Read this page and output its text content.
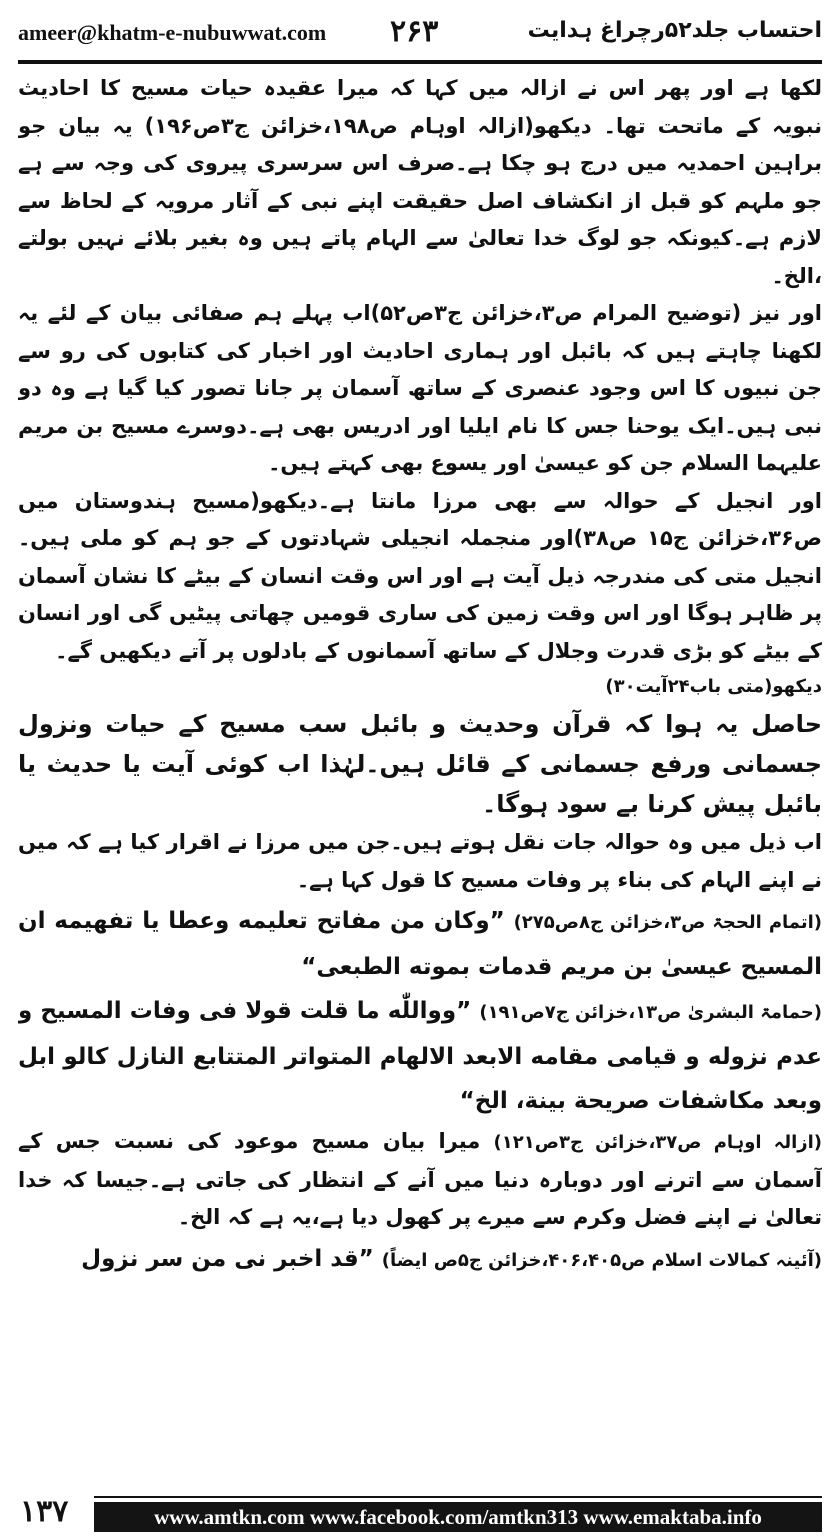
ameer@khatm-e-nubuwwat.com ۲۶۳	احتساب جلد۵۲رچراغ ہدایت

لکھا ہے اور پھر اس نے ازالہ میں کہا کہ میرا عقیدہ حیات مسیح کا احادیث نبویہ کے ماتحت تھا۔ دیکھو(ازالہ اوہام ص۱۹۸،خزائن ج۳ص۱۹۶) یہ بیان جو براہین احمدیہ میں درج ہو چکا ہے۔صرف اس سرسری پیروی کی وجہ سے ہے جو ملہم کو قبل از انکشاف اصل حقیقت اپنے نبی کے آثار مرویہ کے لحاظ سے لازم ہے۔کیونکہ جو لوگ خدا تعالیٰ سے الہام پاتے ہیں وہ بغیر بلائے نہیں بولتے ،الخ۔

اور نیز (توضیح المرام ص۳،خزائن ج۳ص۵۲)اب پہلے ہم صفائی بیان کے لئے یہ لکھنا چاہتے ہیں کہ بائبل اور ہماری احادیث اور اخبار کی کتابوں کی رو سے جن نبیوں کا اس وجود عنصری کے ساتھ آسمان پر جانا تصور کیا گیا ہے وہ دو نبی ہیں۔ایک یوحنا جس کا نام ایلیا اور ادریس بھی ہے۔دوسرے مسیح بن مریم علیہما السلام جن کو عیسیٰ اور یسوع بھی کہتے ہیں۔

اور انجیل کے حوالہ سے بھی مرزا مانتا ہے۔دیکھو(مسیح ہندوستان میں ص۳۶،خزائن ج۱۵ ص۳۸)اور منجملہ انجیلی شہادتوں کے جو ہم کو ملی ہیں۔انجیل متی کی مندرجہ ذیل آیت ہے اور اس وقت انسان کے بیٹے کا نشان آسمان پر ظاہر ہوگا اور اس وقت زمین کی ساری قومیں چھاتی پیٹیں گی اور انسان کے بیٹے کو بڑی قدرت وجلال کے ساتھ آسمانوں کے بادلوں پر آتے دیکھیں گے۔

دیکھو(متی باب۲۴آیت۳۰)

حاصل یہ ہوا کہ قرآن وحدیث و بائبل سب مسیح کے حیات ونزول جسمانی ورفع جسمانی کے قائل ہیں۔لہٰذا اب کوئی آیت یا حدیث یا بائبل پیش کرنا بے سود ہوگا۔

اب ذیل میں وہ حوالہ جات نقل ہوتے ہیں۔جن میں مرزا نے اقرار کیا ہے کہ میں نے اپنے الہام کی بناء پر وفات مسیح کا قول کہا ہے۔

(اتمام الحجۃ ص۳،خزائن ج۸ص۲۷۵) ”وکان من مفاتح تعلیمه وعطا یا تفهیمه ان المسیح عیسیٰ بن مریم قدمات بموته الطبعی“

(حمامۃ البشریٰ ص۱۳،خزائن ج۷ص۱۹۱) ”وواللّٰه ما قلت قولا فی وفات المسیح و عدم نزوله و قیامی مقامه الابعد الالهام المتواتر المتتابع النازل کالو ابل وبعد مکاشفات صریحة بینة، الخ“

(ازالہ اوہام ص۳۷،خزائن ج۳ص۱۲۱) میرا بیان مسیح موعود کی نسبت جس کے آسمان سے اترنے اور دوبارہ دنیا میں آنے کے انتظار کی جاتی ہے۔جیسا کہ خدا تعالیٰ نے اپنے فضل وکرم سے میرے پر کھول دیا ہے،یہ ہے کہ الخ۔

(آئینہ کمالات اسلام ص۴۰۶،۴۰۵،خزائن ج۵ص ایضاً) ”قد اخبر نی من سر نزول

۱۳۷	www.amtkn.com www.facebook.com/amtkn313 www.emaktaba.info
